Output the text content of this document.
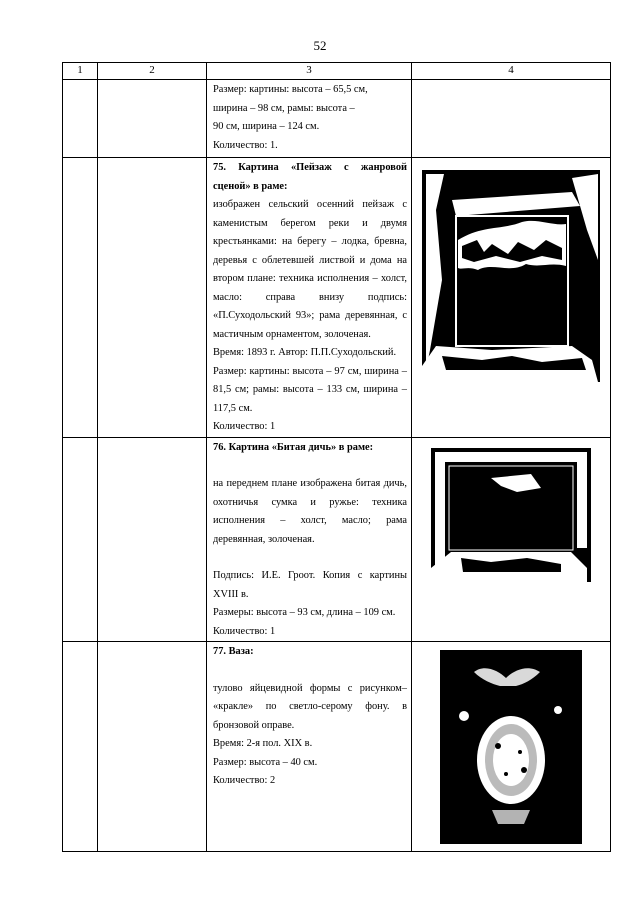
52
1	2	3	4

		Размер: картины: высота – 65,5 см,

ширина – 98 см, рамы: высота –

90 см, ширина – 124 см.

Количество: 1.	

		75. Картина «Пейзаж с жанровой сценой» в раме:

изображен сельский осенний пейзаж с каменистым берегом реки и двумя крестьянками: на берегу – лодка, бревна, деревья с облетевшей листвой и дома на втором плане: техника исполнения – холст, масло: справа внизу подпись: «П.Суходольский 93»; рама деревянная, с мастичным орнаментом, золоченая.

Время: 1893 г. Автор: П.П.Суходольский.

Размер: картины: высота – 97 см, ширина – 81,5 см; рамы: высота – 133 см, ширина – 117,5 см.

Количество: 1

		76. Картина «Битая дичь» в раме:

на переднем плане изображена битая дичь, охотничья сумка и ружье: техника исполнения – холст, масло; рама деревянная, золоченая.

Подпись: И.Е. Гроот. Копия с картины XVIII в.

Размеры: высота – 93 см, длина – 109 см.

Количество: 1

		77. Ваза:

тулово яйцевидной формы с рисунком– «кракле» по светло-серому фону. в бронзовой оправе.

Время: 2-я пол. XIX в.

Размер: высота – 40 см.

Количество: 2
